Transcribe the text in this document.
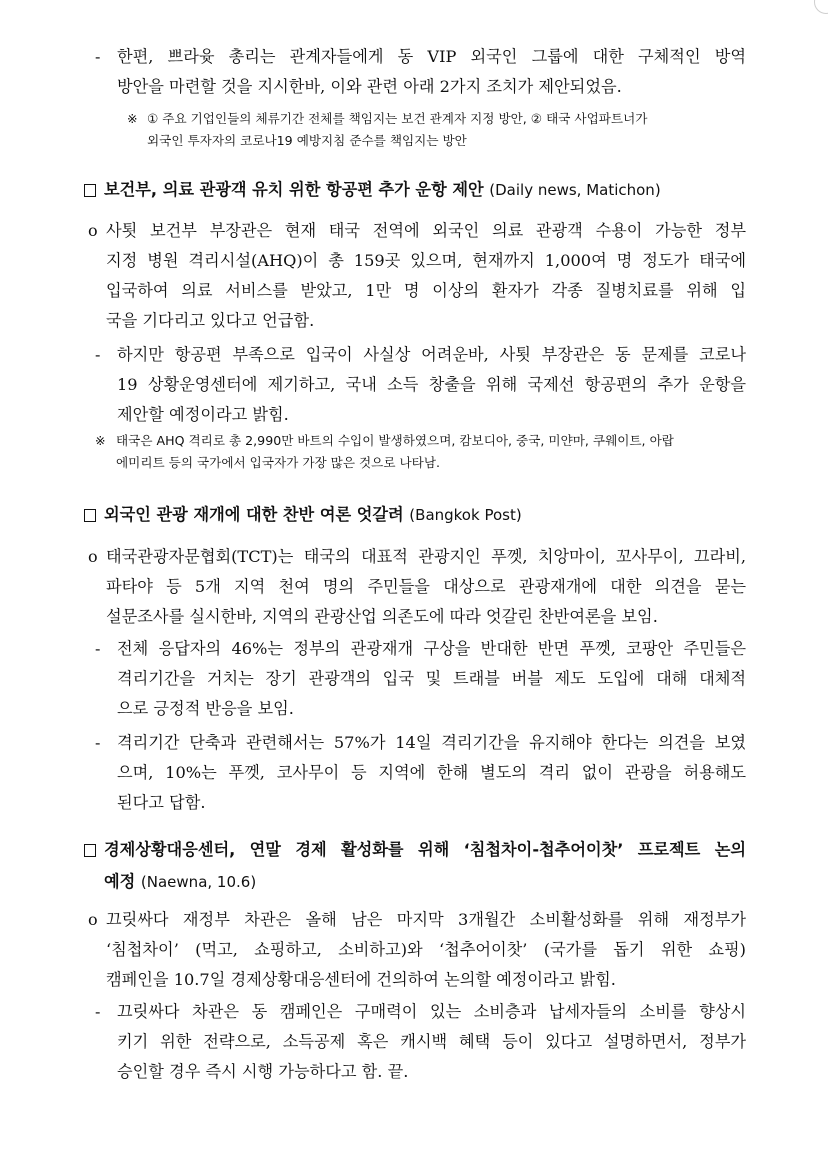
- 한편, 쁘라윳 총리는 관계자들에게 동 VIP 외국인 그룹에 대한 구체적인 방역
방안을 마련할 것을 지시한바, 이와 관련 아래 2가지 조치가 제안되었음.

※ ① 주요 기업인들의 체류기간 전체를 책임지는 보건 관계자 지정 방안, ② 태국 사업파트너가
외국인 투자자의 코로나19 예방지침 준수를 책임지는 방안

보건부, 의료 관광객 유치 위한 항공편 추가 운항 제안 (Daily news, Matichon)
o 사툇 보건부 부장관은 현재 태국 전역에 외국인 의료 관광객 수용이 가능한 정부
지정 병원 격리시설(AHQ)이 총 159곳 있으며, 현재까지 1,000여 명 정도가 태국에
입국하여 의료 서비스를 받았고, 1만 명 이상의 환자가 각종 질병치료를 위해 입
국을 기다리고 있다고 언급함.

- 하지만 항공편 부족으로 입국이 사실상 어려운바, 사툇 부장관은 동 문제를 코로나
19 상황운영센터에 제기하고, 국내 소득 창출을 위해 국제선 항공편의 추가 운항을
제안할 예정이라고 밝힘.

※ 태국은 AHQ 격리로 총 2,990만 바트의 수입이 발생하였으며, 캄보디아, 중국, 미얀마, 쿠웨이트, 아랍
에미리트 등의 국가에서 입국자가 가장 많은 것으로 나타남.

외국인 관광 재개에 대한 찬반 여론 엇갈려 (Bangkok Post)
o 태국관광자문협회(TCT)는 태국의 대표적 관광지인 푸껫, 치앙마이, 꼬사무이, 끄라비,
파타야 등 5개 지역 천여 명의 주민들을 대상으로 관광재개에 대한 의견을 묻는
설문조사를 실시한바, 지역의 관광산업 의존도에 따라 엇갈린 찬반여론을 보임.

- 전체 응답자의 46%는 정부의 관광재개 구상을 반대한 반면 푸껫, 코팡안 주민들은
격리기간을 거치는 장기 관광객의 입국 및 트래블 버블 제도 도입에 대해 대체적
으로 긍정적 반응을 보임.

- 격리기간 단축과 관련해서는 57%가 14일 격리기간을 유지해야 한다는 의견을 보였
으며, 10%는 푸껫, 코사무이 등 지역에 한해 별도의 격리 없이 관광을 허용해도
된다고 답함.

경제상황대응센터, 연말 경제 활성화를 위해 ‘침첩차이-첩추어이찻’ 프로젝트 논의
예정 (Naewna, 10.6)
o 끄릿싸다 재정부 차관은 올해 남은 마지막 3개월간 소비활성화를 위해 재정부가
‘침첩차이’ (먹고, 쇼핑하고, 소비하고)와 ‘첩추어이찻’ (국가를 돕기 위한 쇼핑)
캠페인을 10.7일 경제상황대응센터에 건의하여 논의할 예정이라고 밝힘.

- 끄릿싸다 차관은 동 캠페인은 구매력이 있는 소비층과 납세자들의 소비를 향상시
키기 위한 전략으로, 소득공제 혹은 캐시백 혜택 등이 있다고 설명하면서, 정부가
승인할 경우 즉시 시행 가능하다고 함. 끝.
